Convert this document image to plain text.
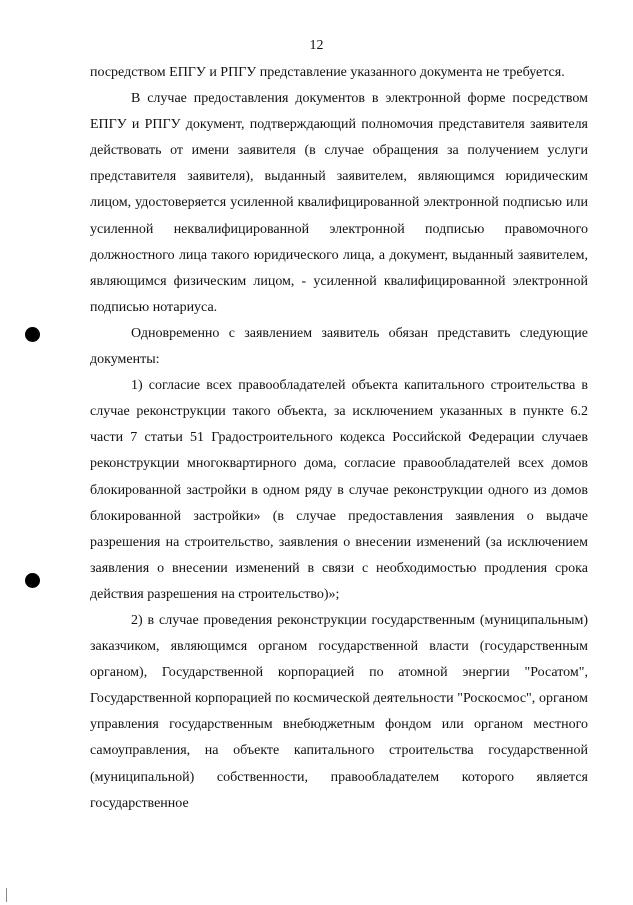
12

посредством ЕПГУ и РПГУ представление указанного документа не требуется.

В случае предоставления документов в электронной форме посредством ЕПГУ и РПГУ документ, подтверждающий полномочия представителя заявителя действовать от имени заявителя (в случае обращения за получением услуги представителя заявителя), выданный заявителем, являющимся юридическим лицом, удостоверяется усиленной квалифицированной электронной подписью или усиленной неквалифицированной электронной подписью правомочного должностного лица такого юридического лица, а документ, выданный заявителем, являющимся физическим лицом, - усиленной квалифицированной электронной подписью нотариуса.

Одновременно с заявлением заявитель обязан представить следующие документы:

1) согласие всех правообладателей объекта капитального строительства в случае реконструкции такого объекта, за исключением указанных в пункте 6.2 части 7 статьи 51 Градостроительного кодекса Российской Федерации случаев реконструкции многоквартирного дома, согласие правообладателей всех домов блокированной застройки в одном ряду в случае реконструкции одного из домов блокированной застройки» (в случае предоставления заявления о выдаче разрешения на строительство, заявления о внесении изменений (за исключением заявления о внесении изменений в связи с необходимостью продления срока действия разрешения на строительство)»;

2) в случае проведения реконструкции государственным (муниципальным) заказчиком, являющимся органом государственной власти (государственным органом), Государственной корпорацией по атомной энергии "Росатом", Государственной корпорацией по космической деятельности "Роскосмос", органом управления государственным внебюджетным фондом или органом местного самоуправления, на объекте капитального строительства государственной (муниципальной) собственности, правообладателем которого является государственное
